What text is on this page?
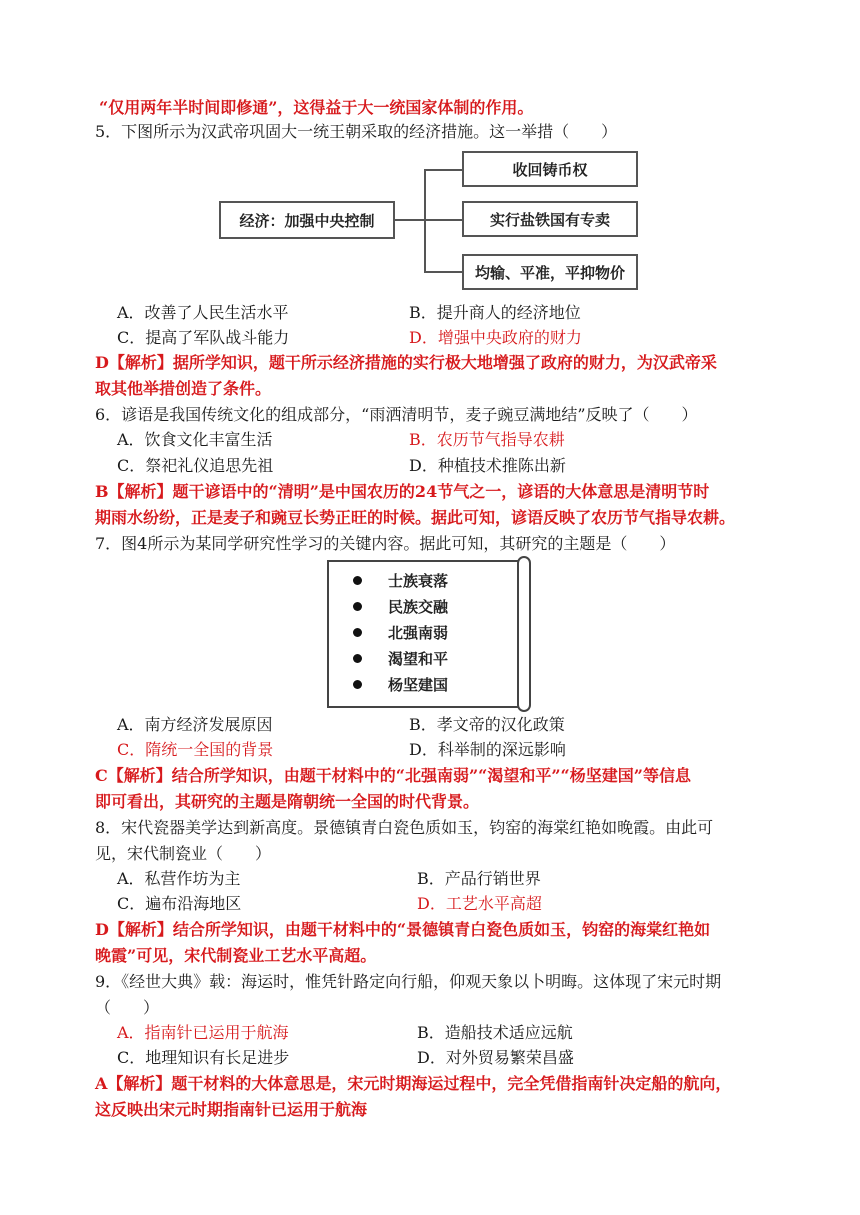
“仅用两年半时间即修通”，这得益于大一统国家体制的作用。
5．下图所示为汉武帝巩固大一统王朝采取的经济措施。这一举措（　　）
经济：加强中央控制
收回铸币权
实行盐铁国有专卖
均输、平准，平抑物价
A．改善了人民生活水平	B．提升商人的经济地位
C．提高了军队战斗能力	D．增强中央政府的财力
D【解析】据所学知识，题干所示经济措施的实行极大地增强了政府的财力，为汉武帝采
取其他举措创造了条件。
6．谚语是我国传统文化的组成部分，“雨洒清明节，麦子豌豆满地结”反映了（　　）
A．饮食文化丰富生活	B．农历节气指导农耕
C．祭祀礼仪追思先祖	D．种植技术推陈出新
B【解析】题干谚语中的“清明”是中国农历的24节气之一，谚语的大体意思是清明节时
期雨水纷纷，正是麦子和豌豆长势正旺的时候。据此可知，谚语反映了农历节气指导农耕。
7．图4所示为某同学研究性学习的关键内容。据此可知，其研究的主题是（　　）
士族衰落
民族交融
北强南弱
渴望和平
杨坚建国
A．南方经济发展原因	B．孝文帝的汉化政策
C．隋统一全国的背景	D．科举制的深远影响
C【解析】结合所学知识，由题干材料中的“北强南弱”“渴望和平”“杨坚建国”等信息
即可看出，其研究的主题是隋朝统一全国的时代背景。
8．宋代瓷器美学达到新高度。景德镇青白瓷色质如玉，钧窑的海棠红艳如晚霞。由此可
见，宋代制瓷业（　　）
A．私营作坊为主	B．产品行销世界
C．遍布沿海地区	D．工艺水平高超
D【解析】结合所学知识，由题干材料中的“景德镇青白瓷色质如玉，钧窑的海棠红艳如
晚霞”可见，宋代制瓷业工艺水平高超。
9．《经世大典》载：海运时，惟凭针路定向行船，仰观天象以卜明晦。这体现了宋元时期
（　　）
A．指南针已运用于航海	B．造船技术适应远航
C．地理知识有长足进步	D．对外贸易繁荣昌盛
A【解析】题干材料的大体意思是，宋元时期海运过程中，完全凭借指南针决定船的航向，
这反映出宋元时期指南针已运用于航海
